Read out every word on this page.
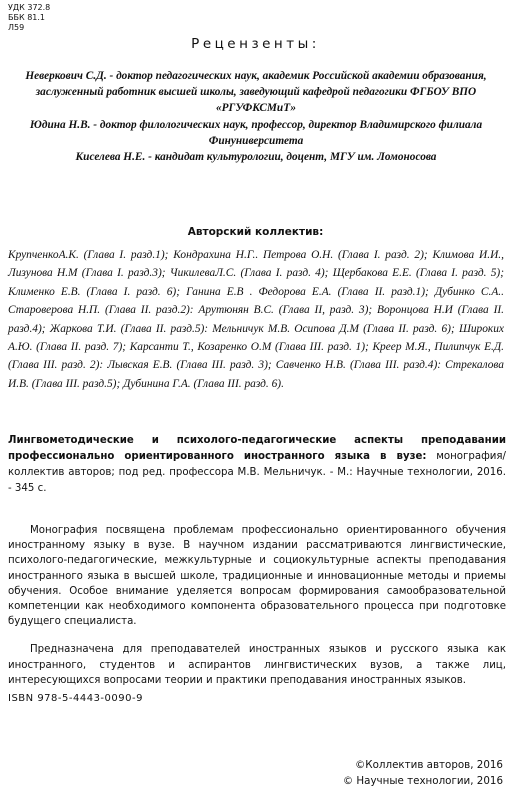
УДК 372.8
ББК 81.1
Л59
Рецензенты:

Неверкович С.Д. - доктор педагогических наук, академик Российской академии образования, заслуженный работник высшей школы, заведующий кафедрой педагогики ФГБОУ ВПО «РГУФКСМиТ»

Юдина Н.В. - доктор филологических наук, профессор, директор Владимирского филиала Финуниверситета

Киселева Н.Е. - кандидат культурологии, доцент, МГУ им. Ломоносова

Авторский коллектив:
КрупченкоА.К. (Глава I. разд.1); Кондрахина Н.Г.. Петрова О.Н. (Глава I. разд. 2); Климова И.И., Лизунова Н.М (Глава I. разд.3); ЧикилеваЛ.С. (Глава I. разд. 4); Щербакова Е.Е. (Глава I. разд. 5); Клименко Е.В. (Глава I. разд. 6); Ганина Е.В . Федорова Е.А. (Глава II. разд.1); Дубинко С.А.. Староверова Н.П. (Глава II. разд.2): Арутюнян В.С. (Глава II, разд. 3); Воронцова Н.И (Глава II. разд.4); Жаркова Т.И. (Глава II. разд.5): Мельничук М.В. Осипова Д.М (Глава II. разд. 6); Широких А.Ю. (Глава II. разд. 7); Карсанти Т., Козаренко О.М (Глава III. разд. 1); Креер М.Я., Пилипчук Е.Д. (Глава III. разд. 2): Лывская Е.В. (Глава III. разд. 3); Савченко Н.В. (Глава III. разд.4): Стрекалова И.В. (Глава III. разд.5); Дубинина Г.А. (Глава III. разд. 6).
Лингвометодические и психолого-педагогические аспекты преподавании профессионально ориентированного иностранного языка в вузе: монография/коллектив авторов; под ред. профессора М.В. Мельничук. - М.: Научные технологии, 2016. - 345 с.

Монография посвящена проблемам профессионально ориентированного обучения иностранному языку в вузе. В научном издании рассматриваются лингвистические, психолого-педагогические, межкультурные и социокультурные аспекты преподавания иностранного языка в высшей школе, традиционные и инновационные методы и приемы обучения. Особое внимание уделяется вопросам формирования самообразовательной компетенции как необходимого компонента образовательного процесса при подготовке будущего специалиста.

Предназначена для преподавателей иностранных языков и русского языка как иностранного, студентов и аспирантов лингвистических вузов, а также лиц, интересующихся вопросами теории и практики преподавания иностранных языков.

ISBN 978-5-4443-0090-9
©Коллектив авторов, 2016
© Научные технологии, 2016
